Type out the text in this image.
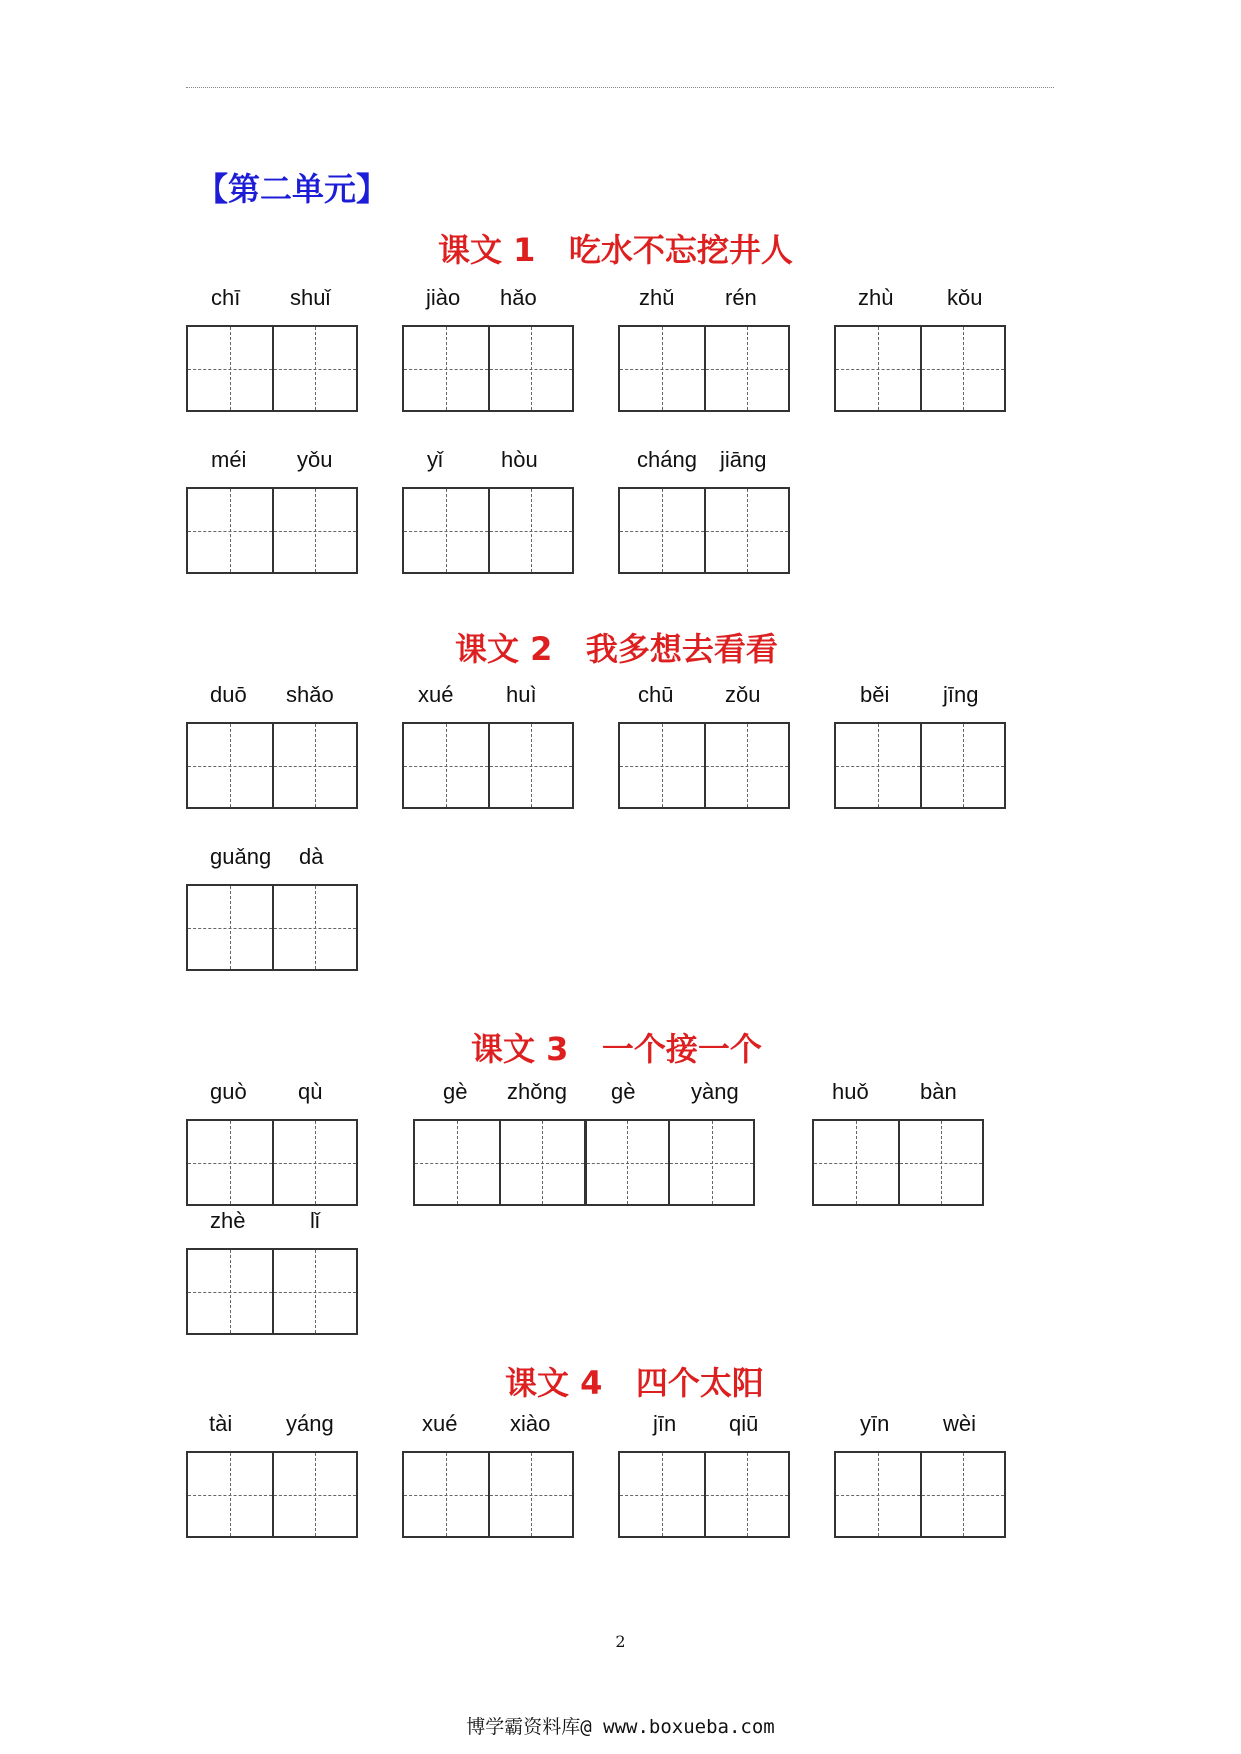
【第二单元】
课文 1   吃水不忘挖井人
课文 2   我多想去看看
课文 3   一个接一个
课文 4   四个太阳
chī shuǐ	jiào hǎo	zhǔ rén	zhù kǒu
méi yǒu	yǐ	hòu	cháng jiāng
duō shǎo	xué huì	chū zǒu	běi jīng
guǎng dà
guò qù	gè zhǒng gè	yàng	huǒ bàn
zhè	lǐ
tài yáng	xué xiào	jīn qiū	yīn wèi
2
博学霸资料库@ www.boxueba.com
